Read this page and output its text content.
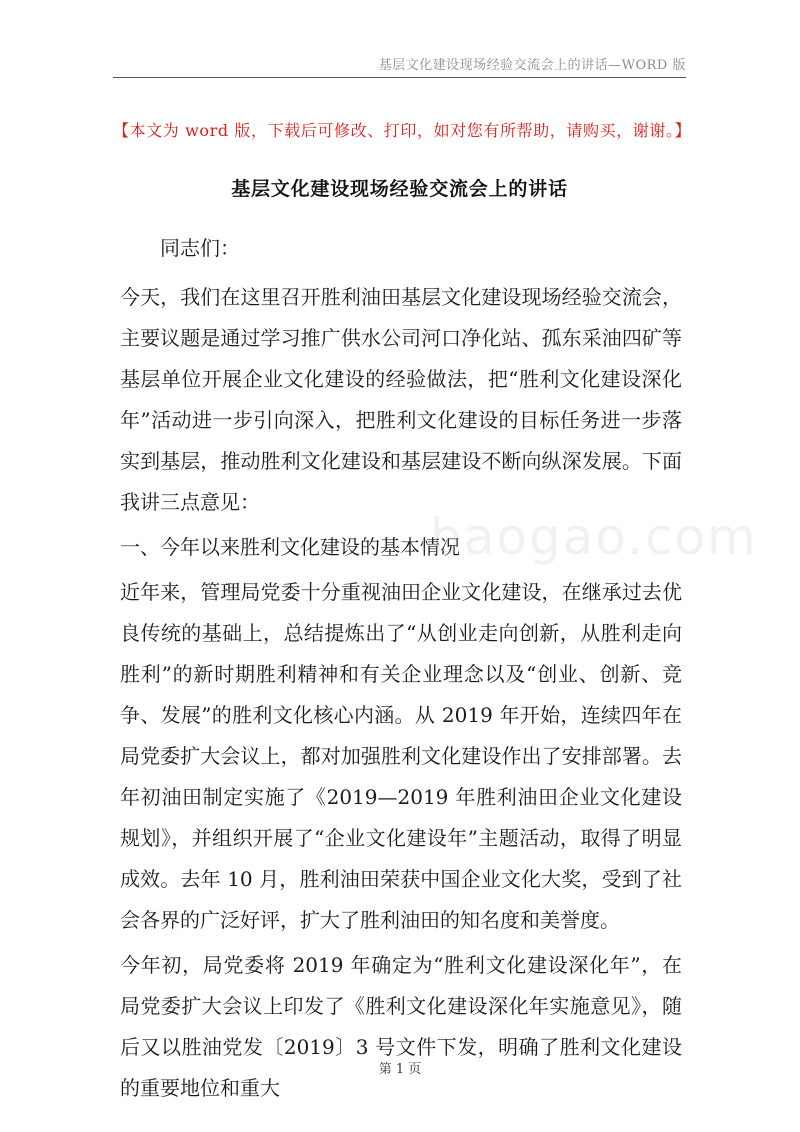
基层文化建设现场经验交流会上的讲话—WORD 版
【本文为 word 版，下载后可修改、打印，如对您有所帮助，请购买，谢谢。】
基层文化建设现场经验交流会上的讲话

同志们：

今天，我们在这里召开胜利油田基层文化建设现场经验交流会，主要议题是通过学习推广供水公司河口净化站、孤东采油四矿等基层单位开展企业文化建设的经验做法，把“胜利文化建设深化年”活动进一步引向深入，把胜利文化建设的目标任务进一步落实到基层，推动胜利文化建设和基层建设不断向纵深发展。下面我讲三点意见：

一、今年以来胜利文化建设的基本情况

近年来，管理局党委十分重视油田企业文化建设，在继承过去优良传统的基础上，总结提炼出了“从创业走向创新，从胜利走向胜利”的新时期胜利精神和有关企业理念以及“创业、创新、竞争、发展”的胜利文化核心内涵。从 2019 年开始，连续四年在局党委扩大会议上，都对加强胜利文化建设作出了安排部署。去年初油田制定实施了《2019—2019 年胜利油田企业文化建设规划》，并组织开展了“企业文化建设年”主题活动，取得了明显成效。去年 10 月，胜利油田荣获中国企业文化大奖，受到了社会各界的广泛好评，扩大了胜利油田的知名度和美誉度。

今年初，局党委将 2019 年确定为“胜利文化建设深化年”，在局党委扩大会议上印发了《胜利文化建设深化年实施意见》，随后又以胜油党发〔2019〕3 号文件下发，明确了胜利文化建设的重要地位和重大

baogao.com
第 1 页
